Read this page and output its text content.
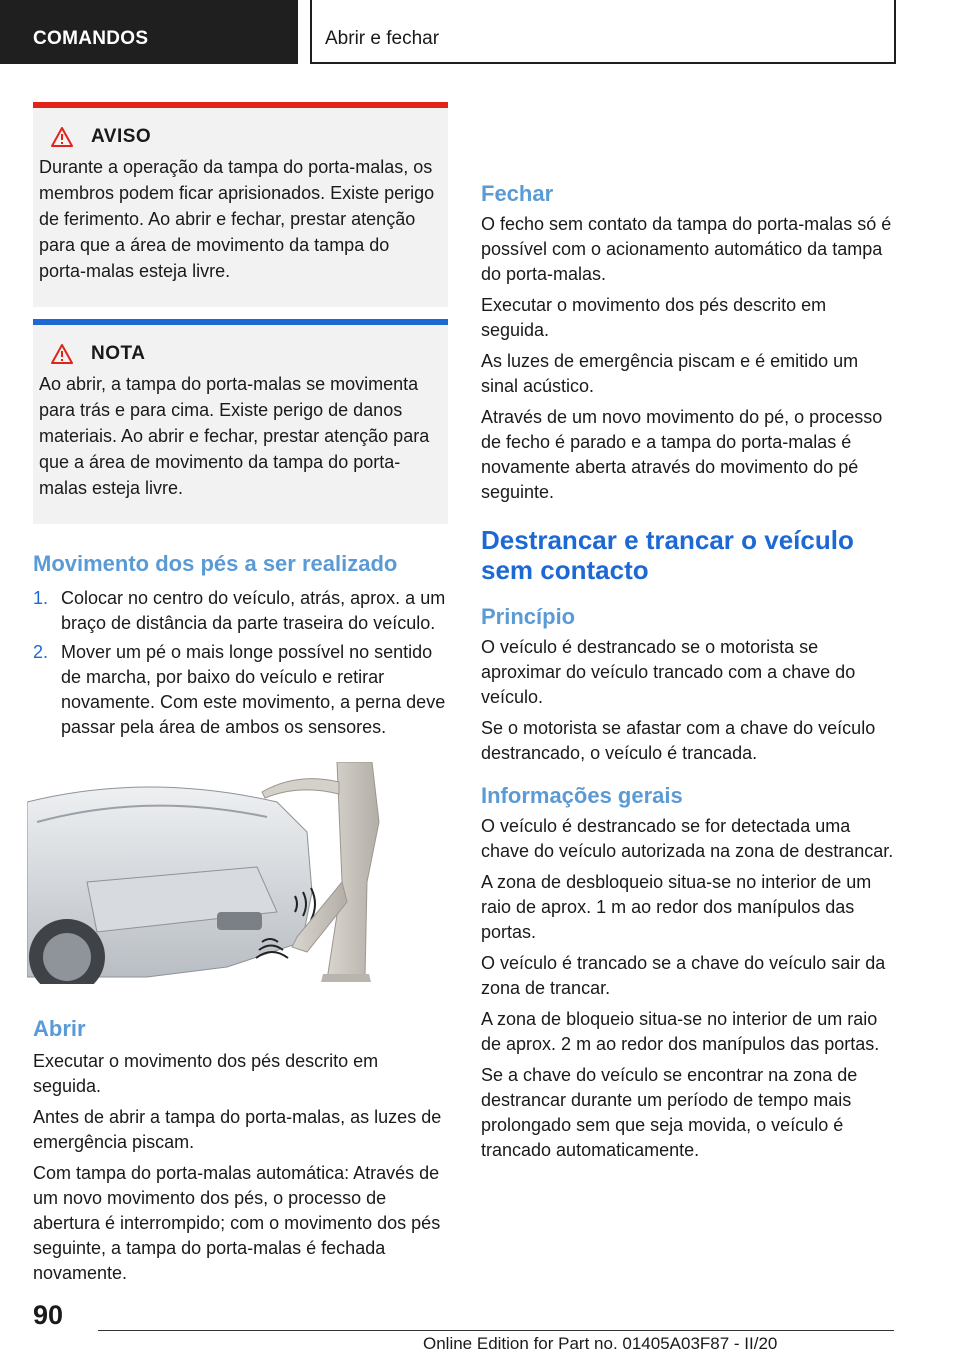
COMANDOS	Abrir e fechar
AVISO
Durante a operação da tampa do porta-malas, os membros podem ficar aprisionados. Existe perigo de ferimento. Ao abrir e fechar, prestar atenção para que a área de movimento da tampa do porta-malas esteja livre.
NOTA
Ao abrir, a tampa do porta-malas se movimenta para trás e para cima. Existe perigo de danos materiais. Ao abrir e fechar, prestar atenção para que a área de movimento da tampa do porta-malas esteja livre.
Movimento dos pés a ser realizado
1. Colocar no centro do veículo, atrás, aprox. a um braço de distância da parte traseira do veículo.
2. Mover um pé o mais longe possível no sentido de marcha, por baixo do veículo e retirar novamente. Com este movimento, a perna deve passar pela área de ambos os sensores.
Abrir
Executar o movimento dos pés descrito em seguida.
Antes de abrir a tampa do porta-malas, as luzes de emergência piscam.
Com tampa do porta-malas automática: Através de um novo movimento dos pés, o processo de abertura é interrompido; com o movimento dos pés seguinte, a tampa do porta-malas é fechada novamente.
Fechar
O fecho sem contato da tampa do porta-malas só é possível com o acionamento automático da tampa do porta-malas.
Executar o movimento dos pés descrito em seguida.
As luzes de emergência piscam e é emitido um sinal acústico.
Através de um novo movimento do pé, o processo de fecho é parado e a tampa do porta-malas é novamente aberta através do movimento do pé seguinte.
Destrancar e trancar o veículo sem contacto
Princípio
O veículo é destrancado se o motorista se aproximar do veículo trancado com a chave do veículo.
Se o motorista se afastar com a chave do veículo destrancado, o veículo é trancada.
Informações gerais
O veículo é destrancado se for detectada uma chave do veículo autorizada na zona de destrancar.
A zona de desbloqueio situa-se no interior de um raio de aprox. 1 m ao redor dos manípulos das portas.
O veículo é trancado se a chave do veículo sair da zona de trancar.
A zona de bloqueio situa-se no interior de um raio de aprox. 2 m ao redor dos manípulos das portas.
Se a chave do veículo se encontrar na zona de destrancar durante um período de tempo mais prolongado sem que seja movida, o veículo é trancado automaticamente.
90
Online Edition for Part no. 01405A03F87 - II/20
